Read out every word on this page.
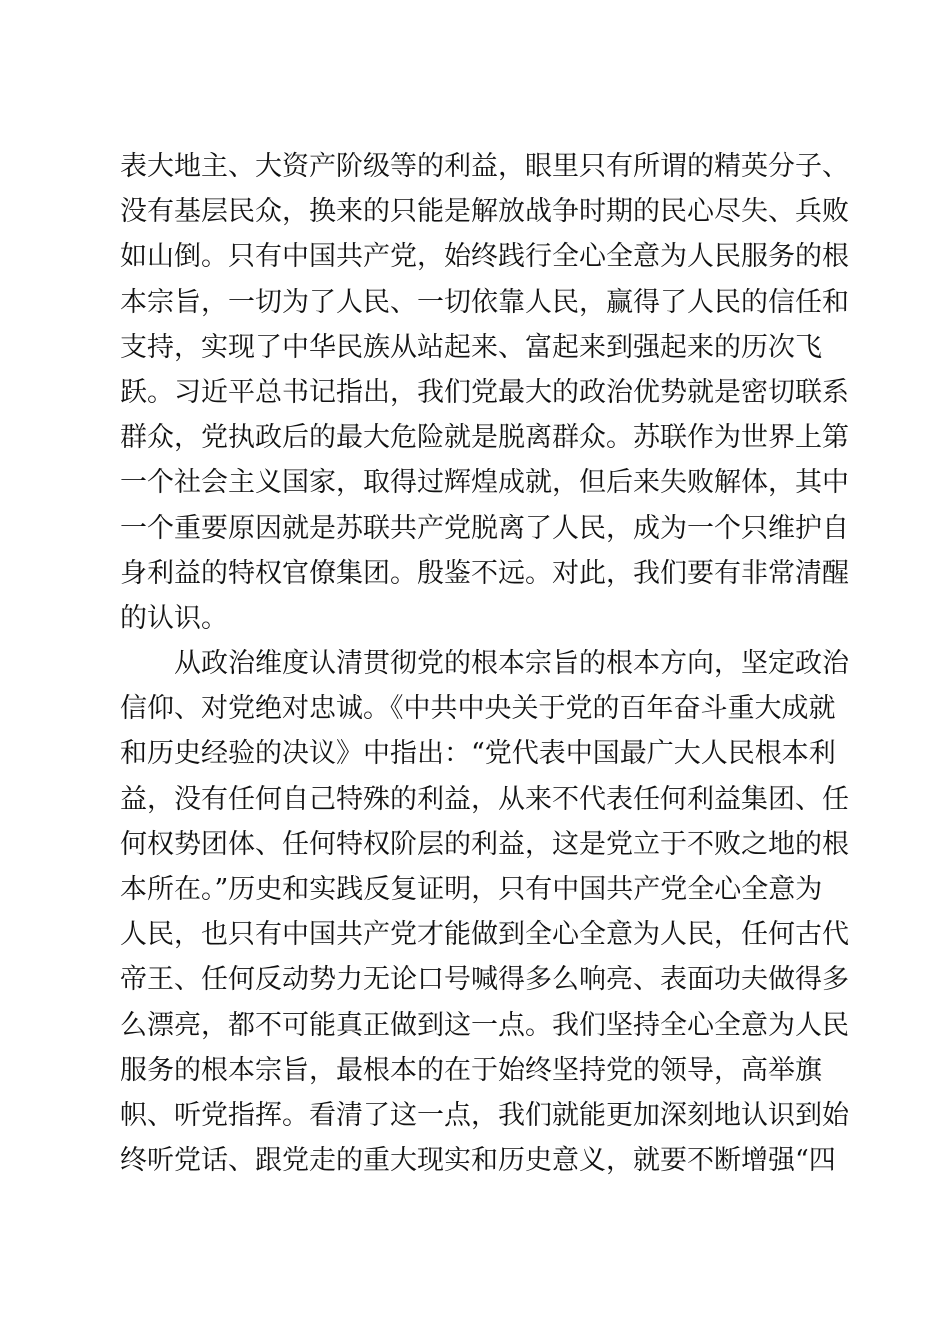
表大地主、大资产阶级等的利益，眼里只有所谓的精英分子、
没有基层民众，换来的只能是解放战争时期的民心尽失、兵败
如山倒。只有中国共产党，始终践行全心全意为人民服务的根
本宗旨，一切为了人民、一切依靠人民，赢得了人民的信任和
支持，实现了中华民族从站起来、富起来到强起来的历次飞
跃。习近平总书记指出，我们党最大的政治优势就是密切联系
群众，党执政后的最大危险就是脱离群众。苏联作为世界上第
一个社会主义国家，取得过辉煌成就，但后来失败解体，其中
一个重要原因就是苏联共产党脱离了人民，成为一个只维护自
身利益的特权官僚集团。殷鉴不远。对此，我们要有非常清醒
的认识。
从政治维度认清贯彻党的根本宗旨的根本方向，坚定政治
信仰、对党绝对忠诚。《中共中央关于党的百年奋斗重大成就
和历史经验的决议》中指出：“党代表中国最广大人民根本利
益，没有任何自己特殊的利益，从来不代表任何利益集团、任
何权势团体、任何特权阶层的利益，这是党立于不败之地的根
本所在。”历史和实践反复证明，只有中国共产党全心全意为
人民，也只有中国共产党才能做到全心全意为人民，任何古代
帝王、任何反动势力无论口号喊得多么响亮、表面功夫做得多
么漂亮，都不可能真正做到这一点。我们坚持全心全意为人民
服务的根本宗旨，最根本的在于始终坚持党的领导，高举旗
帜、听党指挥。看清了这一点，我们就能更加深刻地认识到始
终听党话、跟党走的重大现实和历史意义，就要不断增强“四
